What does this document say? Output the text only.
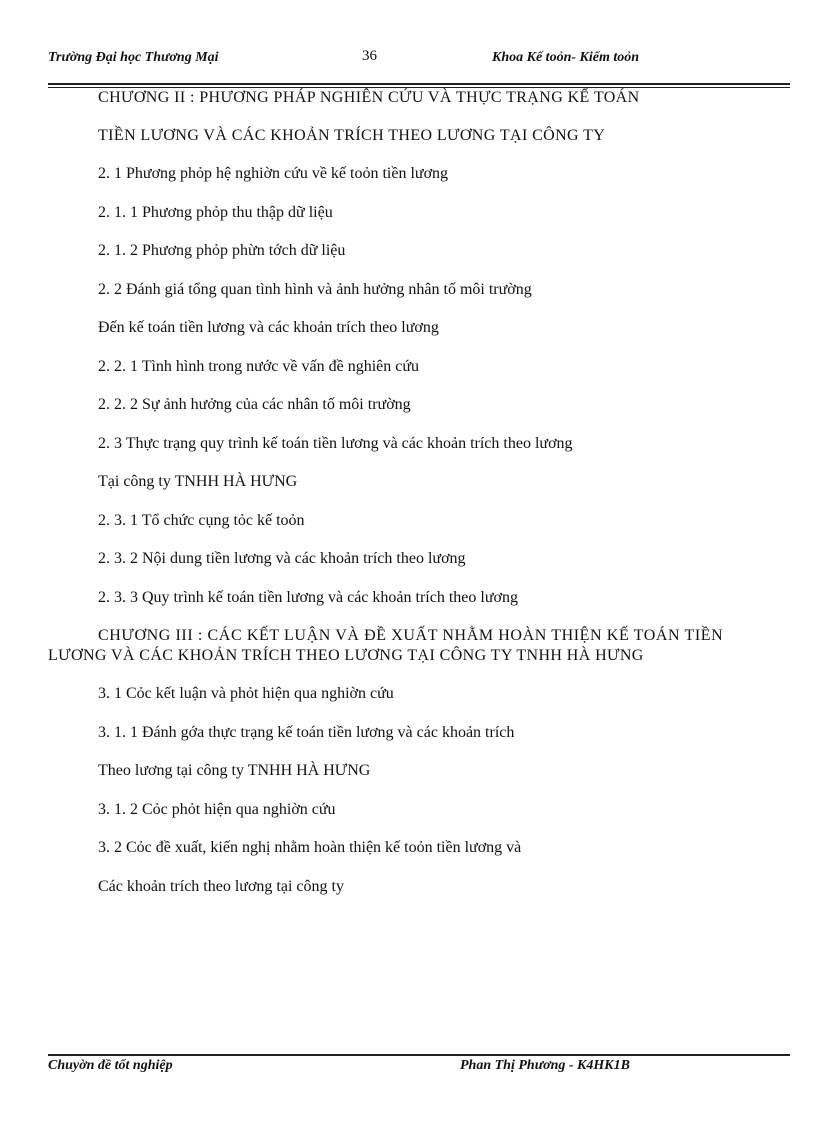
Trường Đại học Thương Mại	36	Khoa Kế toỏn- Kiểm toỏn
CHƯƠNG II : PHƯƠNG PHÁP NGHIÊN CỨU VÀ THỰC TRẠNG KẾ TOÁN
TIỀN LƯƠNG VÀ CÁC KHOẢN TRÍCH THEO LƯƠNG TẠI CÔNG TY
2. 1 Phương phỏp hệ nghiờn cứu về kế toỏn tiền lương
2. 1. 1 Phương phỏp thu thập dữ liệu
2. 1. 2 Phương phỏp phừn tớch dữ liệu
2. 2 Đánh giá tổng quan tình hình và ảnh hưởng nhân tố môi trường
Đến kế toán tiền lương và các khoản trích theo lương
2. 2. 1 Tình hình trong nước về vấn đề nghiên cứu
2. 2. 2 Sự ảnh hưởng của các nhân tố môi trường
2. 3 Thực trạng quy trình kế toán tiền lương và các khoản trích theo lương
Tại công ty TNHH HÀ HƯNG
2. 3. 1 Tổ chức cụng tỏc kế toỏn
2. 3. 2 Nội dung tiền lương và các khoản trích theo lương
2. 3. 3 Quy trình kế toán tiền lương và các khoản trích theo lương
CHƯƠNG III : CÁC KẾT LUẬN VÀ ĐỀ XUẤT NHẰM HOÀN THIỆN KẾ TOÁN TIỀN
LƯƠNG VÀ CÁC KHOẢN TRÍCH THEO LƯƠNG TẠI CÔNG TY TNHH HÀ HƯNG
3. 1 Cỏc kết luận và phỏt hiện qua nghiờn cứu
3. 1. 1 Đánh gớa thực trạng kế toán tiền lương và các khoản trích
Theo lương tại công ty TNHH HÀ HƯNG
3. 1. 2 Cỏc phỏt hiện qua nghiờn cứu
3. 2 Cỏc đề xuất, kiến nghị nhằm hoàn thiện kế toỏn tiền lương và
Các khoản trích theo lương tại công ty
Chuyờn đề tốt nghiệp	Phan Thị Phương - K4HK1B
